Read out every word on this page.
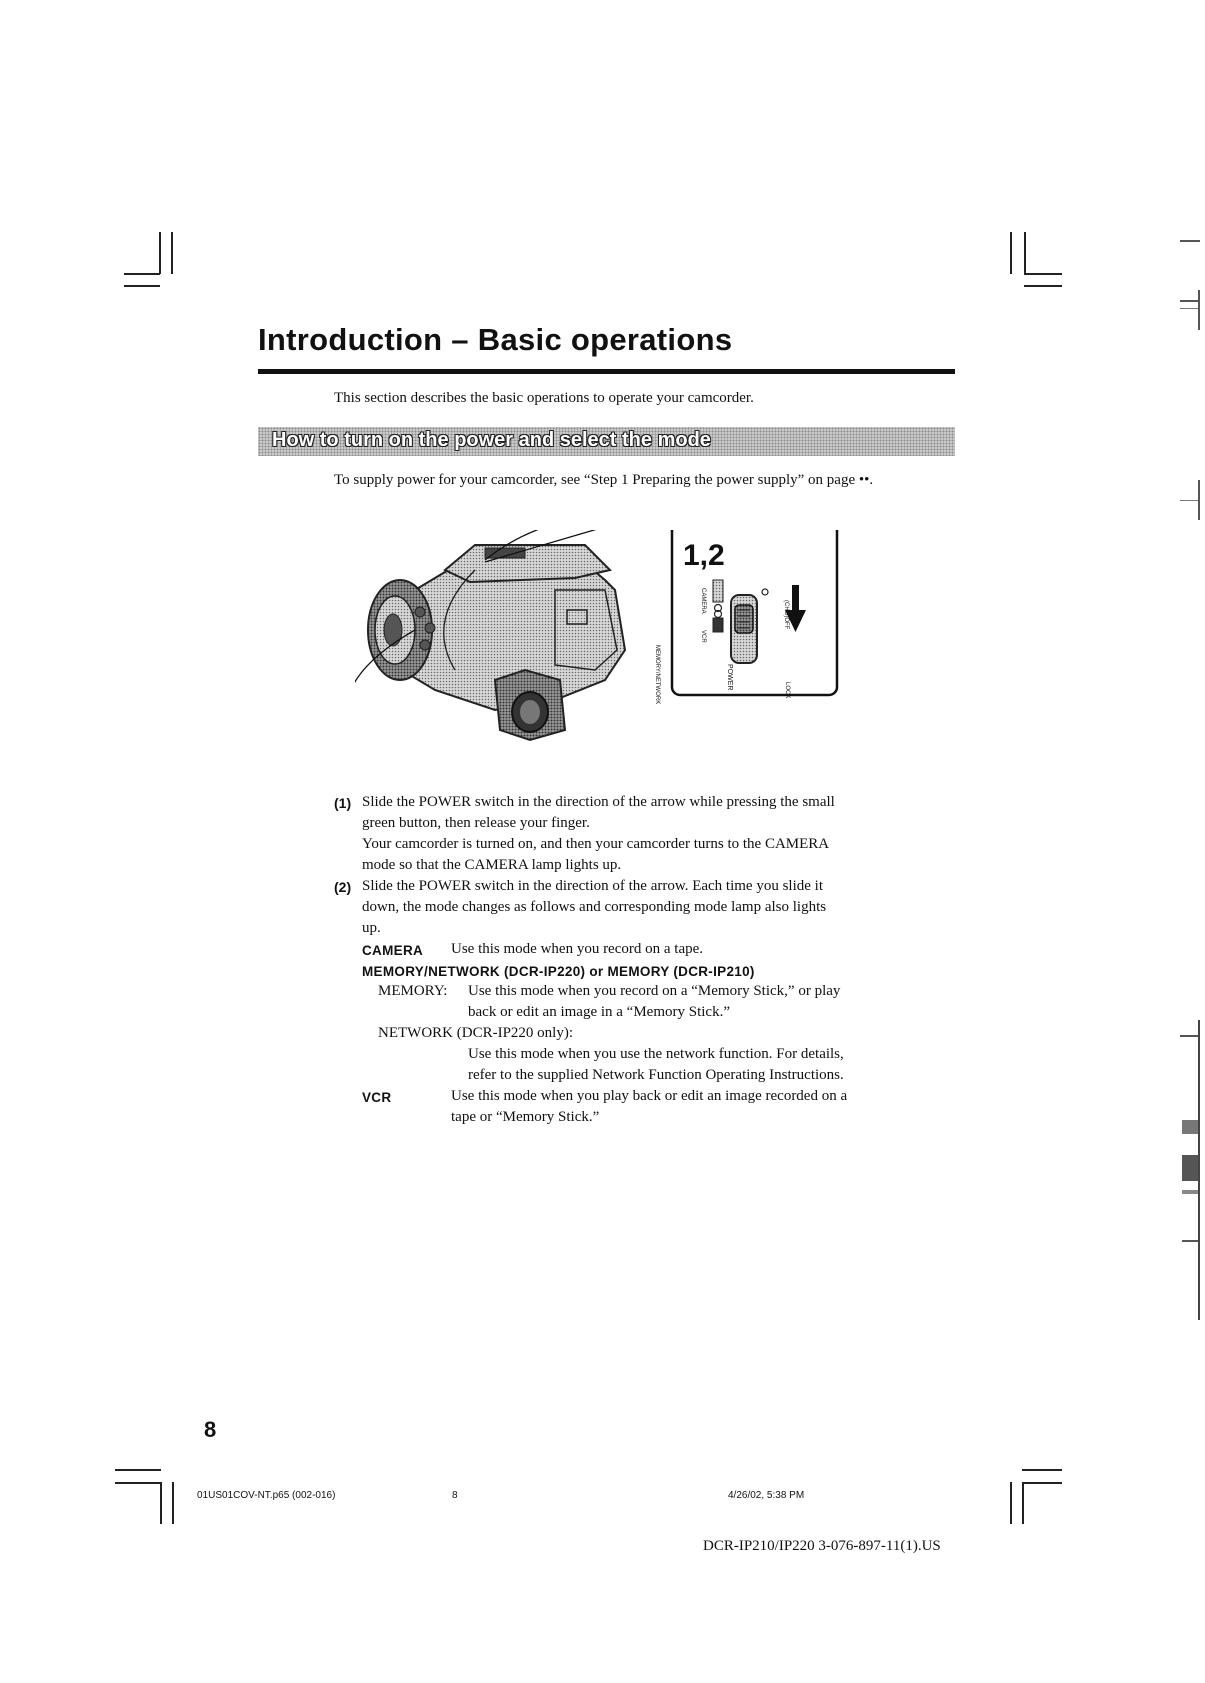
Introduction – Basic operations
This section describes the basic operations to operate your camcorder.
How to turn on the power and select the mode
To supply power for your camcorder, see “Step 1 Preparing the power supply” on page ••.
1,2
MEMORY/NETWORK
CAMERA
VCR
POWER
(CHG)OFF
LOCK
(1) Slide the POWER switch in the direction of the arrow while pressing the small
green button, then release your finger.
Your camcorder is turned on, and then your camcorder turns to the CAMERA
mode so that the CAMERA lamp lights up.
(2) Slide the POWER switch in the direction of the arrow. Each time you slide it
down, the mode changes as follows and corresponding mode lamp also lights
up.
CAMERA Use this mode when you record on a tape.
MEMORY/NETWORK (DCR-IP220) or MEMORY (DCR-IP210)
MEMORY: Use this mode when you record on a “Memory Stick,” or play
back or edit an image in a “Memory Stick.”
NETWORK (DCR-IP220 only):
Use this mode when you use the network function. For details,
refer to the supplied Network Function Operating Instructions.
VCR	Use this mode when you play back or edit an image recorded on a
tape or “Memory Stick.”
8
01US01COV-NT.p65 (002-016)	8	4/26/02, 5:38 PM
DCR-IP210/IP220 3-076-897-11(1).US
